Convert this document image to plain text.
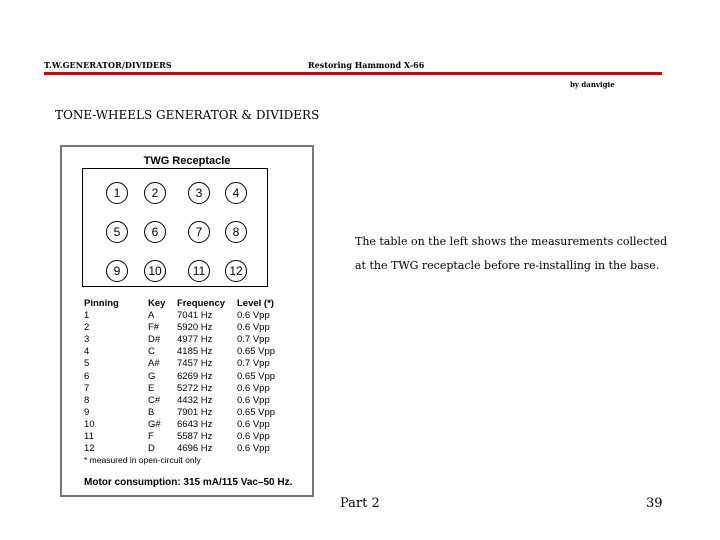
T.W.GENERATOR/DIVIDERS	Restoring Hammond X-66
by danvigie
TONE-WHEELS GENERATOR & DIVIDERS
TWG Receptacle
1	2	3	4
5	6	7	8
9	10	11	12
Pinning	Key Frequency Level (*)
1	A 7041 Hz	0.6 Vpp
2	F# 5920 Hz	0.6 Vpp
3	D# 4977 Hz	0.7 Vpp
4	C 4185 Hz	0.65 Vpp
5	A# 7457 Hz	0.7 Vpp
6	G 6269 Hz	0.65 Vpp
7	E 5272 Hz	0.6 Vpp
8	C# 4432 Hz	0.6 Vpp
9	B 7901 Hz	0.65 Vpp
10	G# 6643 Hz	0.6 Vpp
11	F 5587 Hz	0.6 Vpp
12	D 4696 Hz	0.6 Vpp
* measured in open-circuit only
Motor consumption: 315 mA/115 Vac–50 Hz.
The table on the left shows the measurements collected at the TWG receptacle before re-installing in the base.
Part 2	39
